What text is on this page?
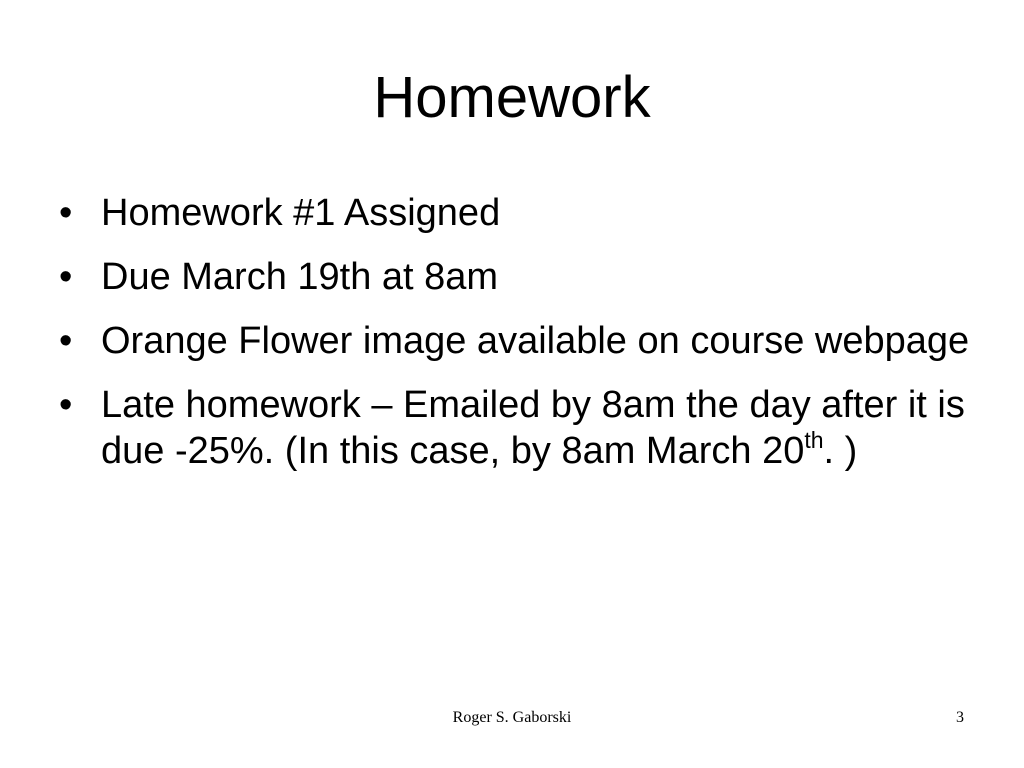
Homework
• Homework #1 Assigned
• Due March 19th at 8am
• Orange Flower image available on course webpage
• Late homework – Emailed by 8am the day after it is due -25%. (In this case, by 8am March 20th. )
Roger S. Gaborski	3
